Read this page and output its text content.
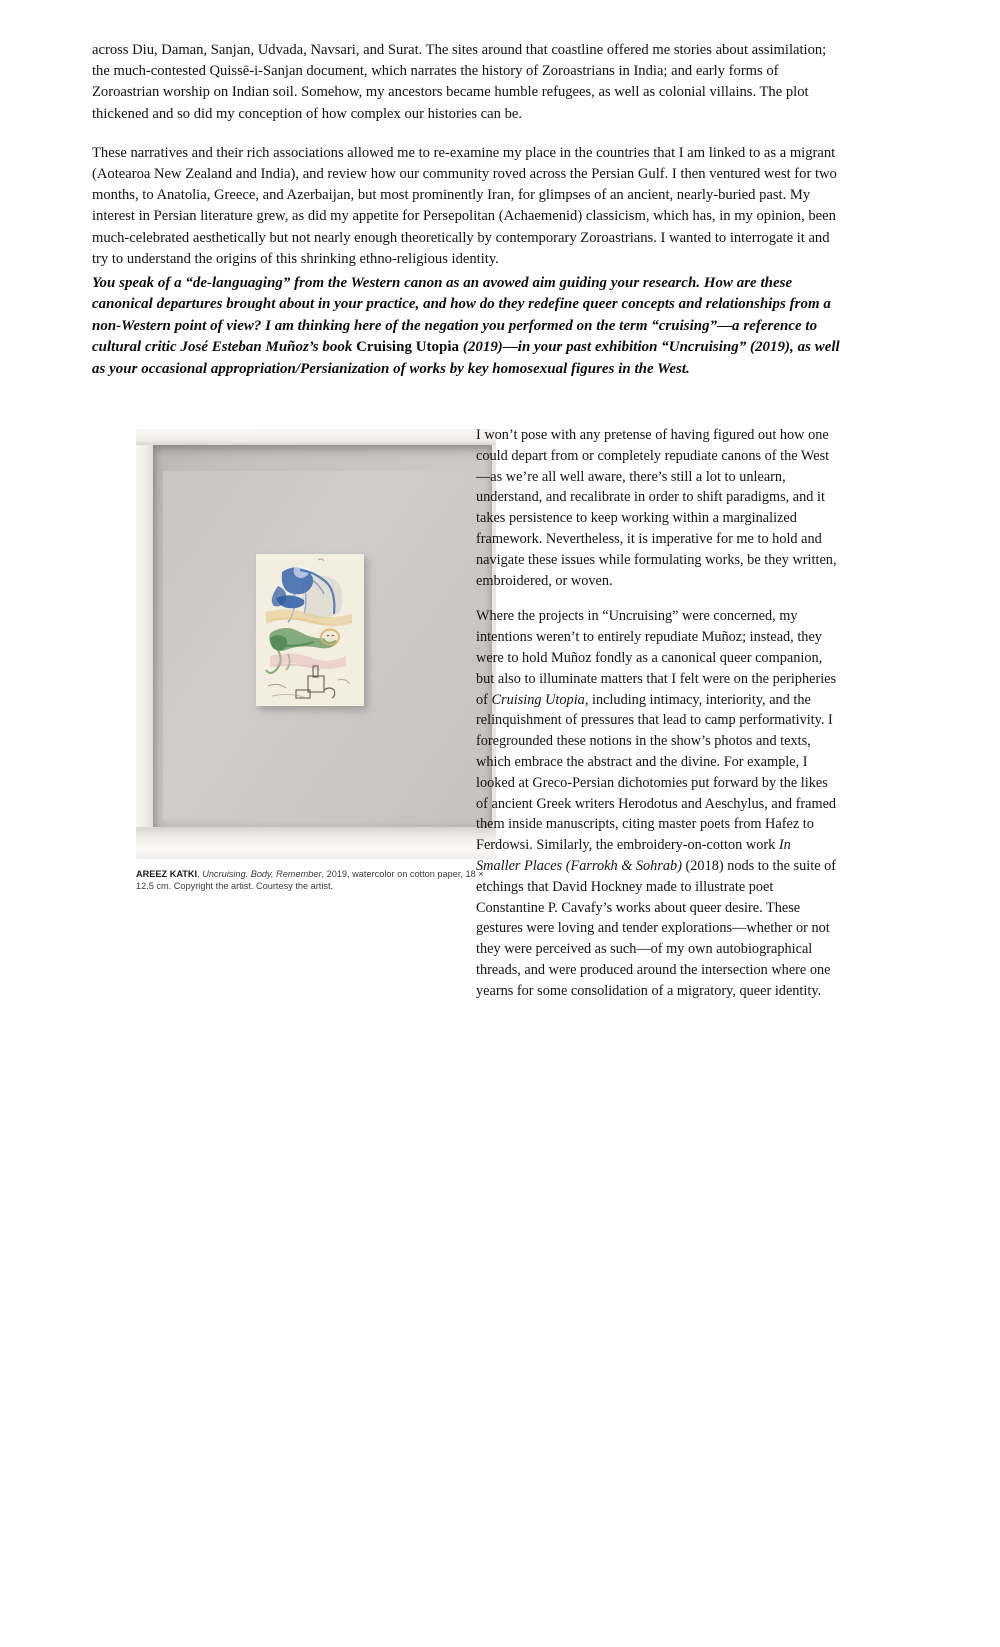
across Diu, Daman, Sanjan, Udvada, Navsari, and Surat. The sites around that coastline offered me stories about assimilation; the much-contested Quissē-i-Sanjan document, which narrates the history of Zoroastrians in India; and early forms of Zoroastrian worship on Indian soil. Somehow, my ancestors became humble refugees, as well as colonial villains. The plot thickened and so did my conception of how complex our histories can be.

These narratives and their rich associations allowed me to re-examine my place in the countries that I am linked to as a migrant (Aotearoa New Zealand and India), and review how our community roved across the Persian Gulf. I then ventured west for two months, to Anatolia, Greece, and Azerbaijan, but most prominently Iran, for glimpses of an ancient, nearly-buried past. My interest in Persian literature grew, as did my appetite for Persepolitan (Achaemenid) classicism, which has, in my opinion, been much-celebrated aesthetically but not nearly enough theoretically by contemporary Zoroastrians. I wanted to interrogate it and try to understand the origins of this shrinking ethno-religious identity.

You speak of a “de-languaging” from the Western canon as an avowed aim guiding your research. How are these canonical departures brought about in your practice, and how do they redefine queer concepts and relationships from a non-Western point of view? I am thinking here of the negation you performed on the term “cruising”—a reference to cultural critic José Esteban Muñoz’s book Cruising Utopia (2019)—in your past exhibition “Uncruising” (2019), as well as your occasional appropriation/Persianization of works by key homosexual figures in the West.
AREEZ KATKI, Uncruising. Body, Remember, 2019, watercolor on cotton paper, 18 × 12.5 cm. Copyright the artist. Courtesy the artist.

I won’t pose with any pretense of having figured out how one could depart from or completely repudiate canons of the West—as we’re all well aware, there’s still a lot to unlearn, understand, and recalibrate in order to shift paradigms, and it takes persistence to keep working within a marginalized framework. Nevertheless, it is imperative for me to hold and navigate these issues while formulating works, be they written, embroidered, or woven.

Where the projects in “Uncruising” were concerned, my intentions weren’t to entirely repudiate Muñoz; instead, they were to hold Muñoz fondly as a canonical queer companion, but also to illuminate matters that I felt were on the peripheries of Cruising Utopia, including intimacy, interiority, and the relinquishment of pressures that lead to camp performativity. I foregrounded these notions in the show’s photos and texts, which embrace the abstract and the divine. For example, I looked at Greco-Persian dichotomies put forward by the likes of ancient Greek writers Herodotus and Aeschylus, and framed them inside manuscripts, citing master poets from Hafez to Ferdowsi. Similarly, the embroidery-on-cotton work In Smaller Places (Farrokh & Sohrab) (2018) nods to the suite of etchings that David Hockney made to illustrate poet Constantine P. Cavafy’s works about queer desire. These gestures were loving and tender explorations—whether or not they were perceived as such—of my own autobiographical threads, and were produced around the intersection where one yearns for some consolidation of a migratory, queer identity.
